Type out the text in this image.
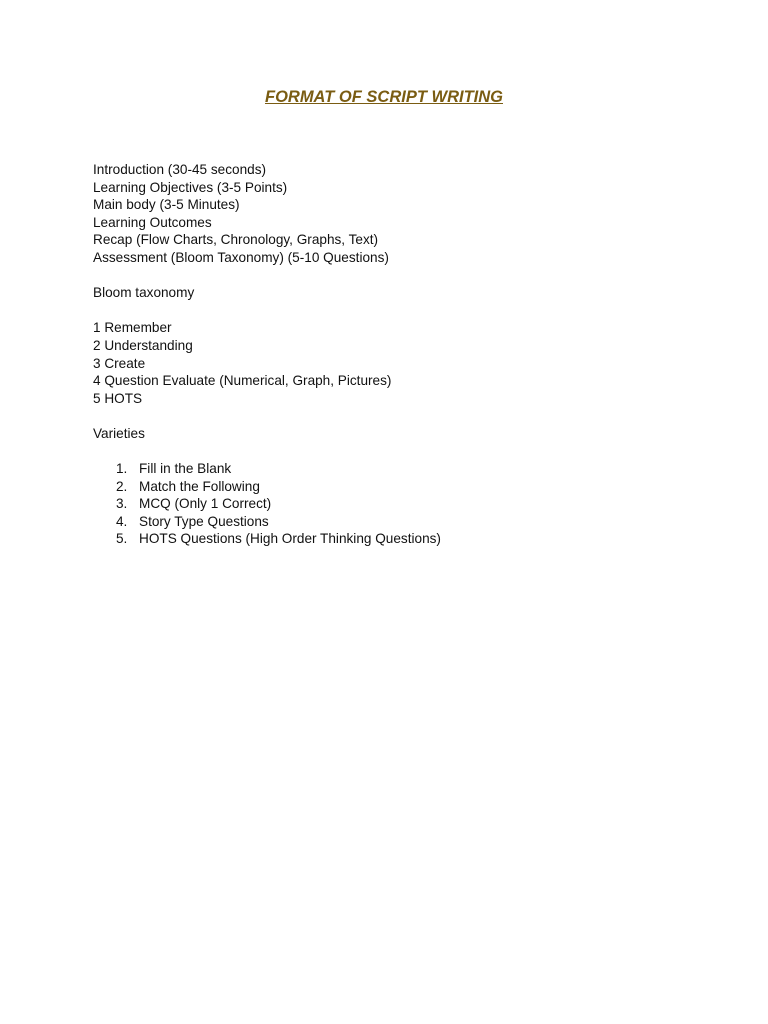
FORMAT OF SCRIPT WRITING
Introduction (30-45 seconds)
Learning Objectives (3-5 Points)
Main body (3-5 Minutes)
Learning Outcomes
Recap (Flow Charts, Chronology, Graphs, Text)
Assessment (Bloom Taxonomy) (5-10 Questions)
Bloom taxonomy
1 Remember
2 Understanding
3 Create
4 Question Evaluate (Numerical, Graph, Pictures)
5 HOTS
Varieties
1. Fill in the Blank
2. Match the Following
3. MCQ (Only 1 Correct)
4. Story Type Questions
5. HOTS Questions (High Order Thinking Questions)
